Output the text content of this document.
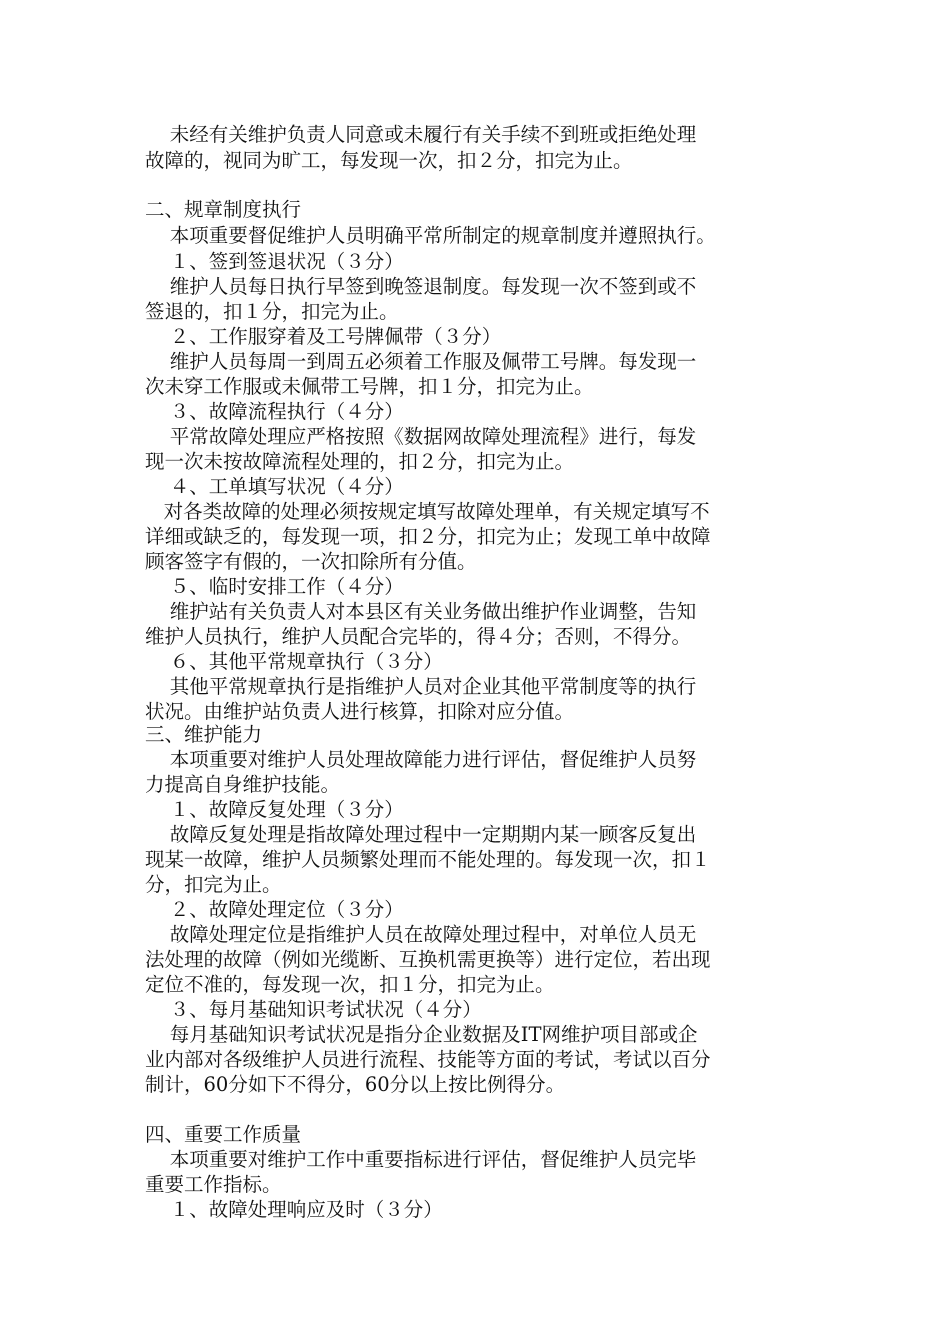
未经有关维护负责人同意或未履行有关手续不到班或拒绝处理

故障的，视同为旷工，每发现一次，扣２分，扣完为止。

二、规章制度执行

本项重要督促维护人员明确平常所制定的规章制度并遵照执行。

１、签到签退状况（３分）

维护人员每日执行早签到晚签退制度。每发现一次不签到或不

签退的，扣１分，扣完为止。

２、工作服穿着及工号牌佩带（３分）

维护人员每周一到周五必须着工作服及佩带工号牌。每发现一

次未穿工作服或未佩带工号牌，扣１分，扣完为止。

３、故障流程执行（４分）

平常故障处理应严格按照《数据网故障处理流程》进行，每发

现一次未按故障流程处理的，扣２分，扣完为止。

４、工单填写状况（４分）

对各类故障的处理必须按规定填写故障处理单，有关规定填写不

详细或缺乏的，每发现一项，扣２分，扣完为止；发现工单中故障

顾客签字有假的，一次扣除所有分值。

５、临时安排工作（４分）

维护站有关负责人对本县区有关业务做出维护作业调整，告知

维护人员执行，维护人员配合完毕的，得４分；否则，不得分。

６、其他平常规章执行（３分）

其他平常规章执行是指维护人员对企业其他平常制度等的执行

状况。由维护站负责人进行核算，扣除对应分值。

三、维护能力

本项重要对维护人员处理故障能力进行评估，督促维护人员努

力提高自身维护技能。

１、故障反复处理（３分）

故障反复处理是指故障处理过程中一定期期内某一顾客反复出

现某一故障，维护人员频繁处理而不能处理的。每发现一次，扣１

分，扣完为止。

２、故障处理定位（３分）

故障处理定位是指维护人员在故障处理过程中，对单位人员无

法处理的故障（例如光缆断、互换机需更换等）进行定位，若出现

定位不准的，每发现一次，扣１分，扣完为止。

３、每月基础知识考试状况（４分）

每月基础知识考试状况是指分企业数据及IT网维护项目部或企

业内部对各级维护人员进行流程、技能等方面的考试，考试以百分

制计，60分如下不得分，60分以上按比例得分。

四、重要工作质量

本项重要对维护工作中重要指标进行评估，督促维护人员完毕

重要工作指标。

１、故障处理响应及时（３分）
